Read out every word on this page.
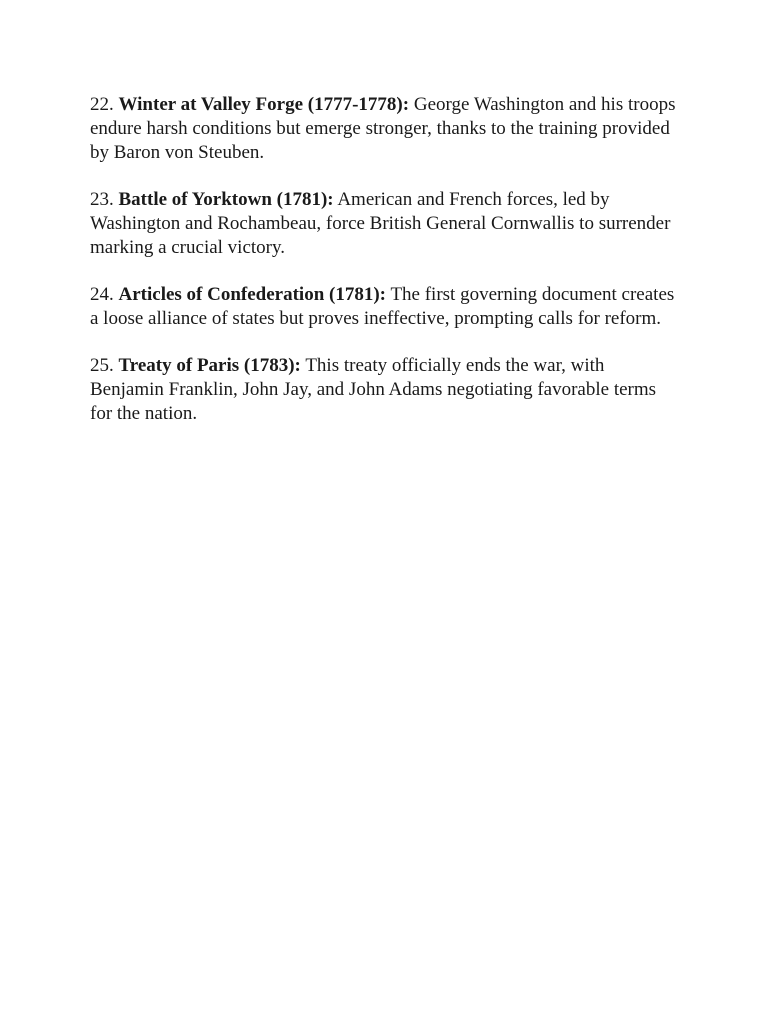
22. Winter at Valley Forge (1777-1778): George Washington and his troops endure harsh conditions but emerge stronger, thanks to the training provided by Baron von Steuben.

23. Battle of Yorktown (1781): American and French forces, led by Washington and Rochambeau, force British General Cornwallis to surrender marking a crucial victory.

24. Articles of Confederation (1781): The first governing document creates a loose alliance of states but proves ineffective, prompting calls for reform.

25. Treaty of Paris (1783): This treaty officially ends the war, with Benjamin Franklin, John Jay, and John Adams negotiating favorable terms for the nation.
